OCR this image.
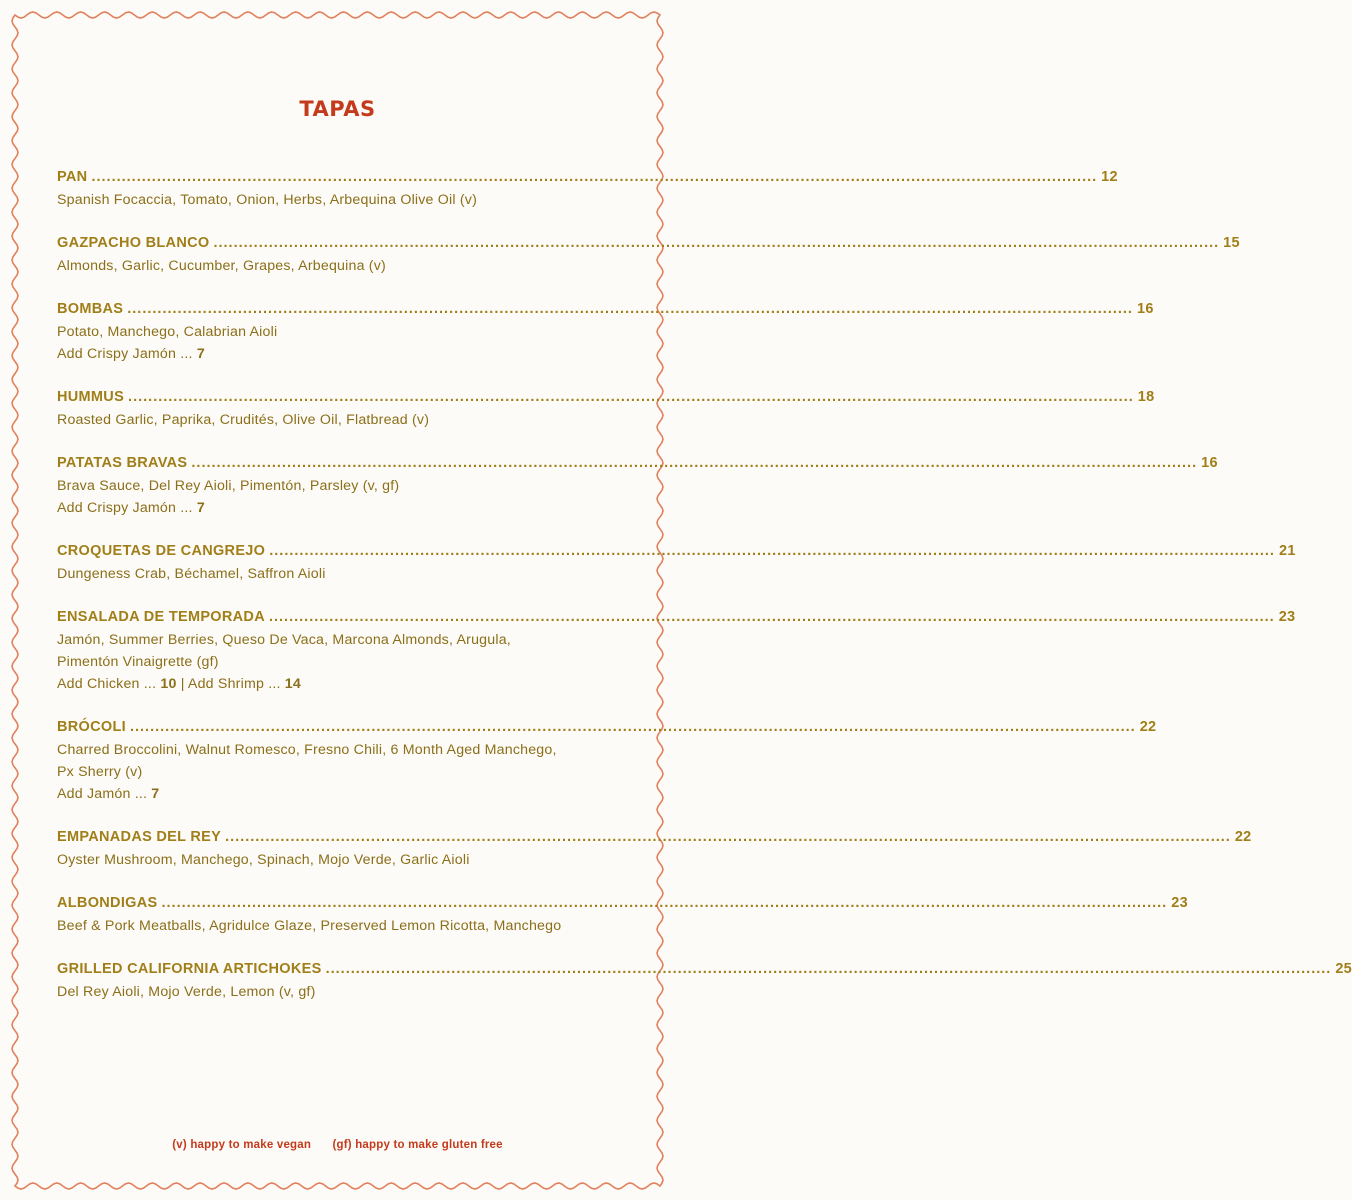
TAPAS
PAN ........................................................................................................................................................................................................ 12
Spanish Focaccia, Tomato, Onion, Herbs, Arbequina Olive Oil (v)
GAZPACHO BLANCO ........................................................................................................................................................................................................ 15
Almonds, Garlic, Cucumber, Grapes, Arbequina (v)
BOMBAS ........................................................................................................................................................................................................ 16
Potato, Manchego, Calabrian Aioli
Add Crispy Jamón ... 7
HUMMUS ........................................................................................................................................................................................................ 18
Roasted Garlic, Paprika, Crudités, Olive Oil, Flatbread (v)
PATATAS BRAVAS ........................................................................................................................................................................................................ 16
Brava Sauce, Del Rey Aioli, Pimentón, Parsley (v, gf)
Add Crispy Jamón ... 7
CROQUETAS DE CANGREJO ........................................................................................................................................................................................................ 21
Dungeness Crab, Béchamel, Saffron Aioli
ENSALADA DE TEMPORADA ........................................................................................................................................................................................................ 23
Jamón, Summer Berries, Queso De Vaca, Marcona Almonds, Arugula,
Pimentón Vinaigrette (gf)
Add Chicken ... 10 | Add Shrimp ... 14
BRÓCOLI ........................................................................................................................................................................................................ 22
Charred Broccolini, Walnut Romesco, Fresno Chili, 6 Month Aged Manchego,
Px Sherry (v)
Add Jamón ... 7
EMPANADAS DEL REY ........................................................................................................................................................................................................ 22
Oyster Mushroom, Manchego, Spinach, Mojo Verde, Garlic Aioli
ALBONDIGAS ........................................................................................................................................................................................................ 23
Beef & Pork Meatballs, Agridulce Glaze, Preserved Lemon Ricotta, Manchego
GRILLED CALIFORNIA ARTICHOKES ........................................................................................................................................................................................................ 25
Del Rey Aioli, Mojo Verde, Lemon (v, gf)
(v) happy to make vegan (gf) happy to make gluten free
